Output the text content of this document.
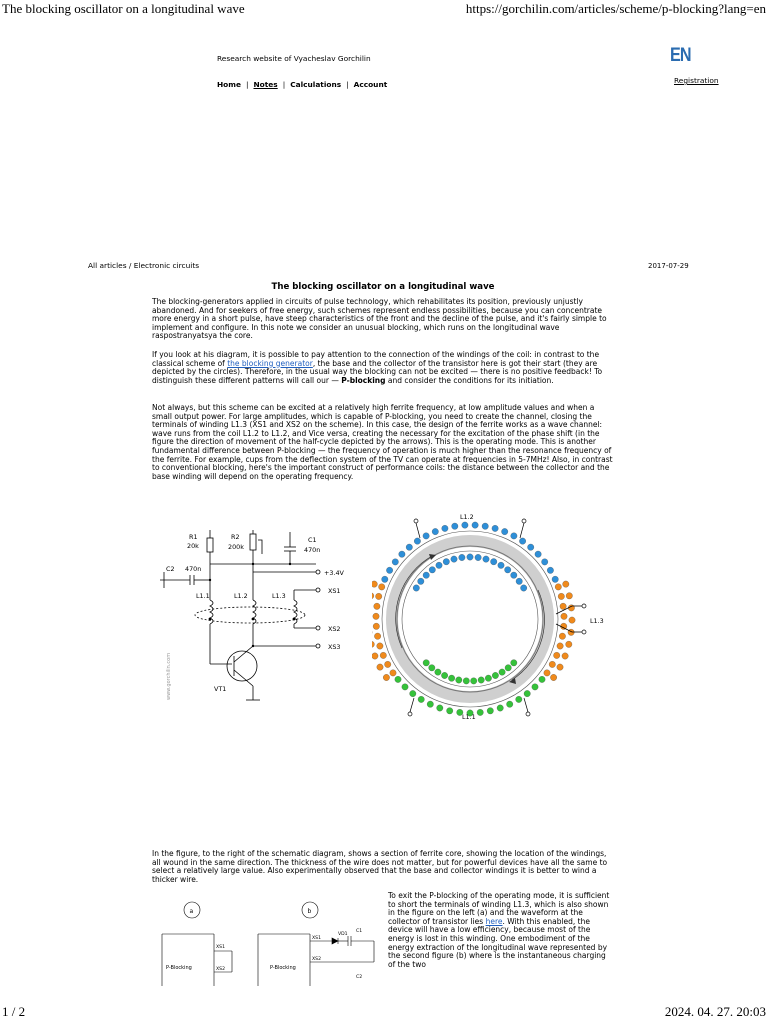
The blocking oscillator on a longitudinal wave	https://gorchilin.com/articles/scheme/p-blocking?lang=en
1 / 2	2024. 04. 27. 20:03
Research website of Vyacheslav Gorchilin
Home | Notes | Calculations | Account
EN
Registration
All articles / Electronic circuits	2017-07-29
The blocking oscillator on a longitudinal wave
The blocking-generators applied in circuits of pulse technology, which rehabilitates its position, previously unjustly abandoned. And for seekers of free energy, such schemes represent endless possibilities, because you can concentrate more energy in a short pulse, have steep characteristics of the front and the decline of the pulse, and it's fairly simple to implement and configure. In this note we consider an unusual blocking, which runs on the longitudinal wave raspostranyatsya the core.
If you look at his diagram, it is possible to pay attention to the connection of the windings of the coil: in contrast to the classical scheme of the blocking generator, the base and the collector of the transistor here is got their start (they are depicted by the circles). Therefore, in the usual way the blocking can not be excited — there is no positive feedback! To distinguish these different patterns will call our — P-blocking and consider the conditions for its initiation.
Not always, but this scheme can be excited at a relatively high ferrite frequency, at low amplitude values and when a small output power. For large amplitudes, which is capable of P-blocking, you need to create the channel, closing the terminals of winding L1.3 (XS1 and XS2 on the scheme). In this case, the design of the ferrite works as a wave channel: wave runs from the coil L1.2 to L1.2, and Vice versa, creating the necessary for the excitation of the phase shift (in the figure the direction of movement of the half-cycle depicted by the arrows). This is the operating mode. This is another fundamental difference between P-blocking — the frequency of operation is much higher than the resonance frequency of the ferrite. For example, cups from the deflection system of the TV can operate at frequencies in 5-7MHz! Also, in contrast to conventional blocking, here's the important construct of performance coils: the distance between the collector and the base winding will depend on the operating frequency.
R1
20k
R2
200k
C1
470n
C2 470n	+3.4V
XS1
XS2
XS3
L1.1	L1.2	L1.3
VT1
www.gorchilin.com
L1.2
L1.1
L1.3
In the figure, to the right of the schematic diagram, shows a section of ferrite core, showing the location of the windings, all wound in the same direction. The thickness of the wire does not matter, but for powerful devices have all the same to select a relatively large value. Also experimentally observed that the base and collector windings it is better to wind a thicker wire.
a	b
P-Blocking
XS1
XS2	P-Blocking
XS1
XS2
VD1
C1
C2
To exit the P-blocking of the operating mode, it is sufficient to short the terminals of winding L1.3, which is also shown in the figure on the left (a) and the waveform at the collector of transistor lies here. With this enabled, the device will have a low efficiency, because most of the energy is lost in this winding. One embodiment of the energy extraction of the longitudinal wave represented by the second figure (b) where is the instantaneous charging of the two
